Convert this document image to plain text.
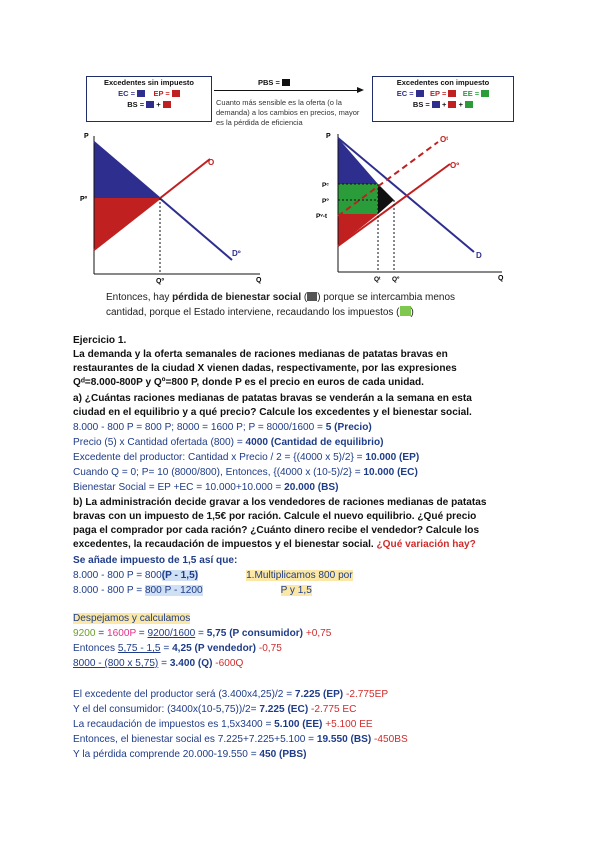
Excedentes sin impuesto
EC = EP =
BS = +
PBS =
Cuanto más sensible es la oferta (o la demanda) a los cambios en precios, mayor es la pérdida de eficiencia
Excedentes con impuesto
EC = EP = EE =
BS = + +
P
Q
Pº
Qº
O
Dº
P
Q
Pᶜ
Pº
Pᵛ-t
Qᵗ Qº
Oᵗ
Oº
D
Entonces, hay pérdida de bienestar social ( ) porque se intercambia menos
cantidad, porque el Estado interviene, recaudando los impuestos ( )
Ejercicio 1.
La demanda y la oferta semanales de raciones medianas de patatas bravas en
restaurantes de la ciudad X vienen dadas, respectivamente, por las expresiones
Qᵈ=8.000-800P y Qº=800 P, donde P es el precio en euros de cada unidad.
a) ¿Cuántas raciones medianas de patatas bravas se venderán a la semana en esta
ciudad en el equilibrio y a qué precio? Calcule los excedentes y el bienestar social.
8.000 - 800 P = 800 P; 8000 = 1600 P; P = 8000/1600 = 5 (Precio)
Precio (5) x Cantidad ofertada (800) = 4000 (Cantidad de equilibrio)
Excedente del productor: Cantidad x Precio / 2 = {(4000 x 5)/2} = 10.000 (EP)
Cuando Q = 0; P= 10 (8000/800), Entonces, {(4000 x (10-5)/2} = 10.000 (EC)
Bienestar Social = EP +EC = 10.000+10.000 = 20.000 (BS)
b) La administración decide gravar a los vendedores de raciones medianas de patatas
bravas con un impuesto de 1,5€ por ración. Calcule el nuevo equilibrio. ¿Qué precio
paga el comprador por cada ración? ¿Cuánto dinero recibe el vendedor? Calcule los
excedentes, la recaudación de impuestos y el bienestar social. ¿Qué variación hay?
Se añade impuesto de 1,5 así que:
8.000 - 800 P = 800(P - 1,5)	1.Multiplicamos 800 por
8.000 - 800 P = 800 P - 1200	P y 1,5
Despejamos y calculamos
9200 = 1600P = 9200/1600 = 5,75 (P consumidor) +0,75
Entonces 5,75 - 1,5 = 4,25 (P vendedor) -0,75
8000 - (800 x 5,75) = 3.400 (Q) -600Q
El excedente del productor será (3.400x4,25)/2 = 7.225 (EP) -2.775EP
Y el del consumidor: (3400x(10-5,75))/2= 7.225 (EC) -2.775 EC
La recaudación de impuestos es 1,5x3400 = 5.100 (EE) +5.100 EE
Entonces, el bienestar social es 7.225+7.225+5.100 = 19.550 (BS) -450BS
Y la pérdida comprende 20.000-19.550 = 450 (PBS)
